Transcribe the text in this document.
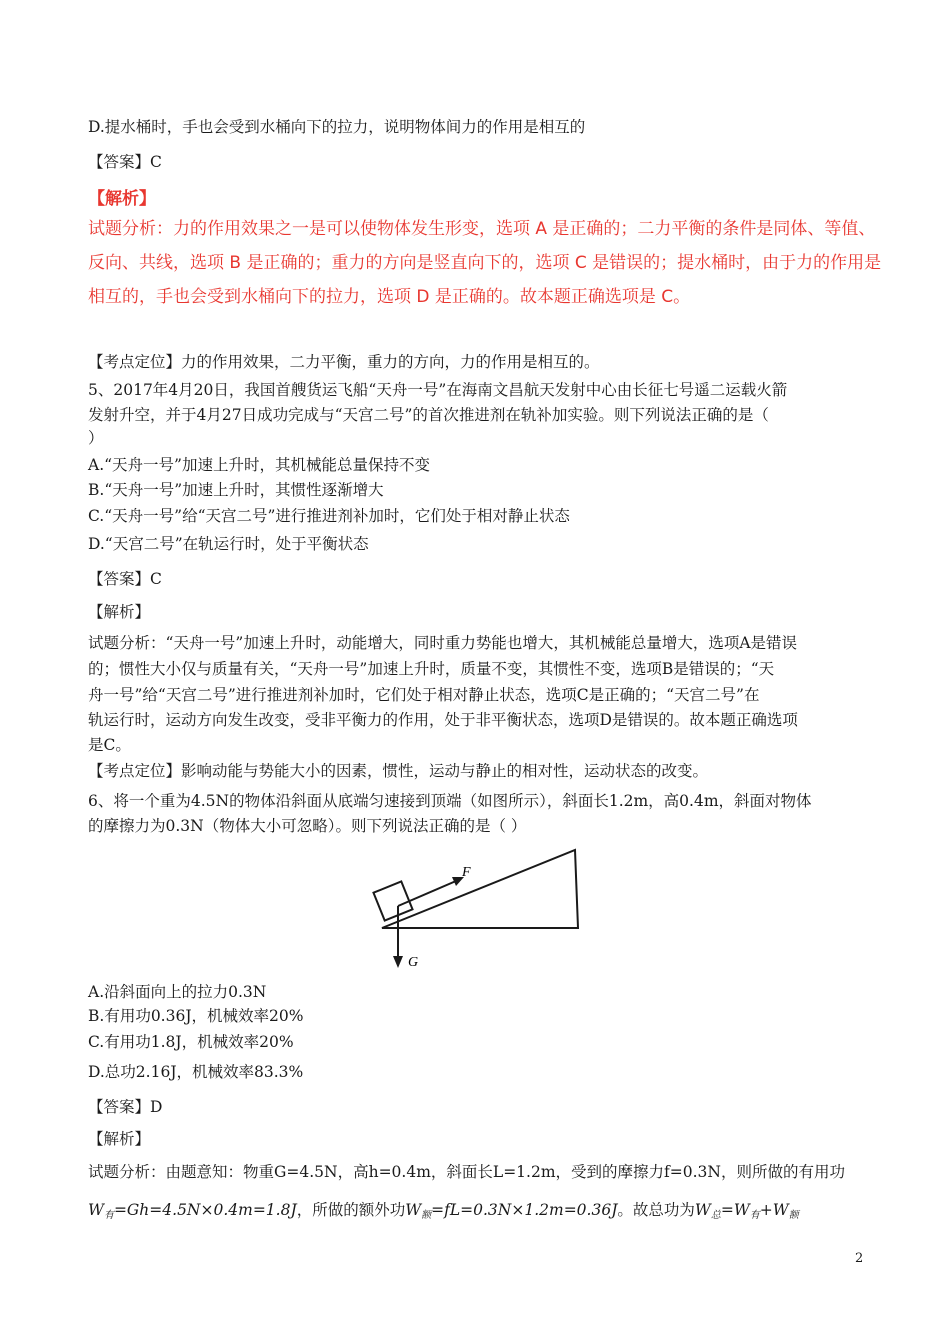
D.提水桶时，手也会受到水桶向下的拉力，说明物体间力的作用是相互的
【答案】C
【解析】
试题分析：力的作用效果之一是可以使物体发生形变，选项 A 是正确的；二力平衡的条件是同体、等值、
反向、共线，选项 B 是正确的；重力的方向是竖直向下的，选项 C 是错误的；提水桶时，由于力的作用是
相互的，手也会受到水桶向下的拉力，选项 D 是正确的。故本题正确选项是 C。
【考点定位】力的作用效果，二力平衡，重力的方向，力的作用是相互的。
5、2017年4月20日，我国首艘货运飞船“天舟一号”在海南文昌航天发射中心由长征七号遥二运载火箭
发射升空，并于4月27日成功完成与“天宫二号”的首次推进剂在轨补加实验。则下列说法正确的是（
）
A.“天舟一号”加速上升时，其机械能总量保持不变
B.“天舟一号”加速上升时，其惯性逐渐增大
C.“天舟一号”给“天宫二号”进行推进剂补加时，它们处于相对静止状态
D.“天宫二号”在轨运行时，处于平衡状态
【答案】C
【解析】
试题分析：“天舟一号”加速上升时，动能增大，同时重力势能也增大，其机械能总量增大，选项A是错误
的；惯性大小仅与质量有关，“天舟一号”加速上升时，质量不变，其惯性不变，选项B是错误的；“天
舟一号”给“天宫二号”进行推进剂补加时，它们处于相对静止状态，选项C是正确的；“天宫二号”在
轨运行时，运动方向发生改变，受非平衡力的作用，处于非平衡状态，选项D是错误的。故本题正确选项
是C。
【考点定位】影响动能与势能大小的因素，惯性，运动与静止的相对性，运动状态的改变。
6、将一个重为4.5N的物体沿斜面从底端匀速接到顶端（如图所示），斜面长1.2m，高0.4m，斜面对物体
的摩擦力为0.3N（物体大小可忽略）。则下列说法正确的是（ ）
F
G
A.沿斜面向上的拉力0.3N
B.有用功0.36J，机械效率20%
C.有用功1.8J，机械效率20%
D.总功2.16J，机械效率83.3%
【答案】D
【解析】
试题分析：由题意知：物重G=4.5N，高h=0.4m，斜面长L=1.2m，受到的摩擦力f=0.3N，则所做的有用功
$W_有=Gh=4.5N\times 0.4m=1.8J$，所做的额外功$W_额=fL=0.3N\times 1.2m=0.36J$。故总功为$W_总=W_有+W_额$
2
